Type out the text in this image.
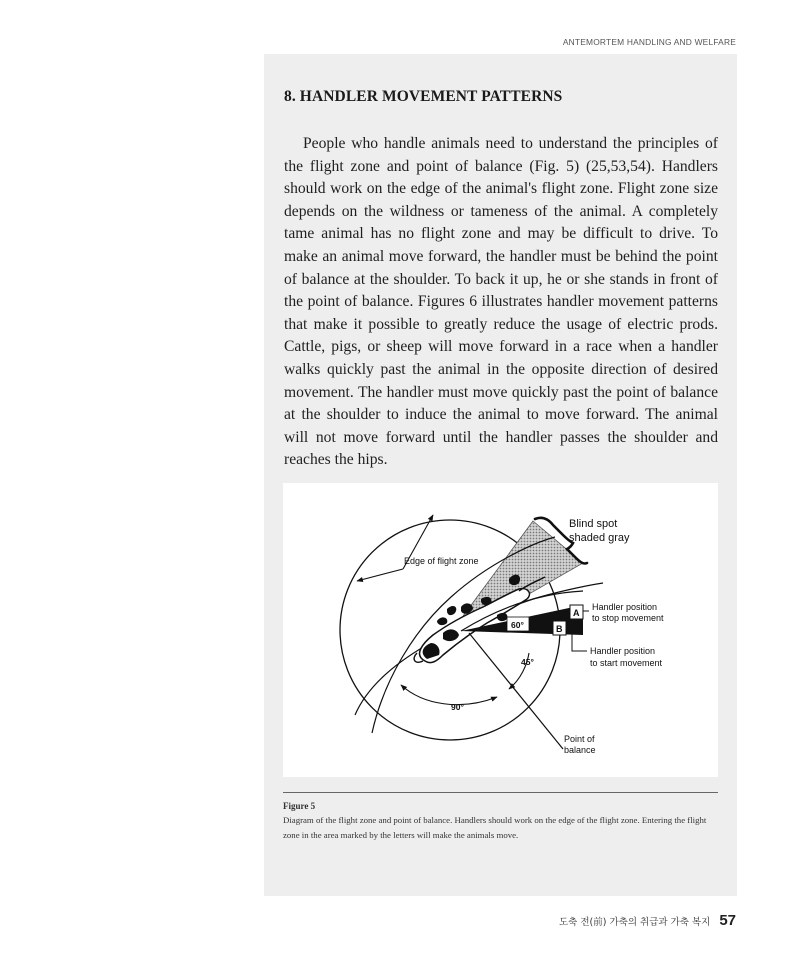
ANTEMORTEM HANDLING AND WELFARE
8. HANDLER MOVEMENT PATTERNS

People who handle animals need to understand the principles of the flight zone and point of balance (Fig. 5) (25,53,54). Handlers should work on the edge of the animal's flight zone. Flight zone size depends on the wildness or tameness of the animal. A completely tame animal has no flight zone and may be difficult to drive. To make an animal move forward, the handler must be behind the point of balance at the shoulder. To back it up, he or she stands in front of the point of balance. Figures 6 illustrates handler movement patterns that make it possible to greatly reduce the usage of electric prods. Cattle, pigs, or sheep will move forward in a race when a handler walks quickly past the animal in the opposite direction of desired movement. The handler must move quickly past the point of balance at the shoulder to induce the animal to move forward. The animal will not move forward until the handler passes the shoulder and reaches the hips.

Blind spot
shaded gray
Edge of flight zone
Handler position
to stop movement
Handler position
to start movement
60°
45°
90°
A
B
Point of
balance
Figure 5

Diagram of the flight zone and point of balance. Handlers should work on the edge of the flight zone. Entering the flight zone in the area marked by the letters will make the animals move.

도축 전(前) 가축의 취급과 가축 복지 57
